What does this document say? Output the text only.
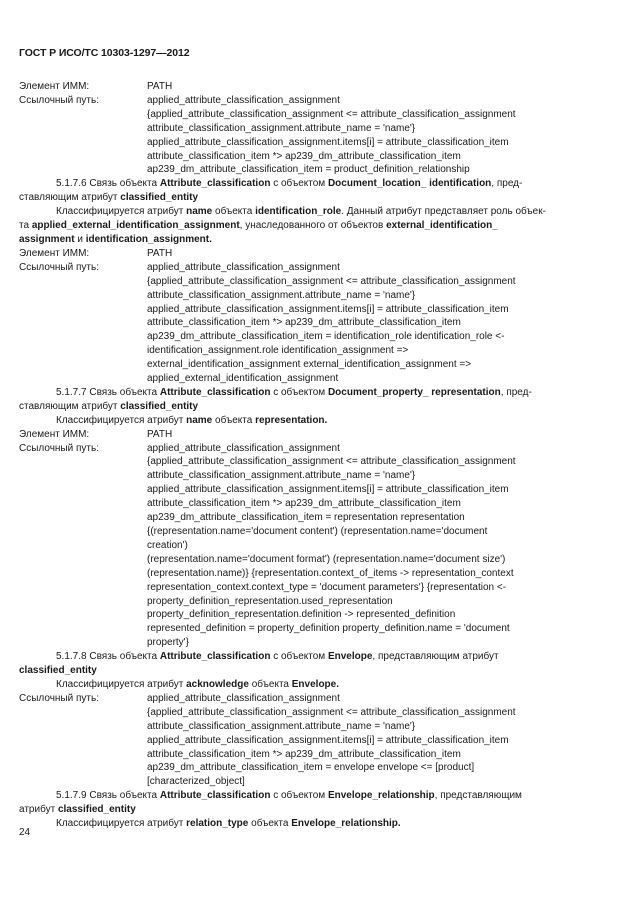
ГОСТ Р ИСО/ТС 10303-1297—2012
Элемент ИММ:	PATH
Ссылочный путь:	applied_attribute_classification_assignment
{applied_attribute_classification_assignment <= attribute_classification_assignment
attribute_classification_assignment.attribute_name = 'name'}
applied_attribute_classification_assignment.items[i] = attribute_classification_item
attribute_classification_item *> ap239_dm_attribute_classification_item
ap239_dm_attribute_classification_item = product_definition_relationship
5.1.7.6 Связь объекта Attribute_classification с объектом Document_location_ identification, пред-
ставляющим атрибут classified_entity
Классифицируется атрибут name объекта identification_role. Данный атрибут представляет роль объек-
та applied_external_identification_assignment, унаследованного от объектов external_identification_
assignment и identification_assignment.
Элемент ИММ:	PATH
Ссылочный путь:	applied_attribute_classification_assignment
{applied_attribute_classification_assignment <= attribute_classification_assignment
attribute_classification_assignment.attribute_name = 'name'}
applied_attribute_classification_assignment.items[i] = attribute_classification_item
attribute_classification_item *> ap239_dm_attribute_classification_item
ap239_dm_attribute_classification_item = identification_role identification_role <-
identification_assignment.role identification_assignment =>
external_identification_assignment external_identification_assignment =>
applied_external_identification_assignment
5.1.7.7 Связь объекта Attribute_classification с объектом Document_property_ representation, пред-
ставляющим атрибут classified_entity
Классифицируется атрибут name объекта representation.
Элемент ИММ:	PATH
Ссылочный путь:	applied_attribute_classification_assignment
{applied_attribute_classification_assignment <= attribute_classification_assignment
attribute_classification_assignment.attribute_name = 'name'}
applied_attribute_classification_assignment.items[i] = attribute_classification_item
attribute_classification_item *> ap239_dm_attribute_classification_item
ap239_dm_attribute_classification_item = representation representation
{(representation.name='document content') (representation.name='document
creation')
(representation.name='document format') (representation.name='document size')
(representation.name)} {representation.context_of_items -> representation_context
representation_context.context_type = 'document parameters'} {representation <-
property_definition_representation.used_representation
property_definition_representation.definition -> represented_definition
represented_definition = property_definition property_definition.name = 'document
property'}
5.1.7.8 Связь объекта Attribute_classification с объектом Envelope, представляющим атрибут
classified_entity
Классифицируется атрибут acknowledge объекта Envelope.
Ссылочный путь:	applied_attribute_classification_assignment
{applied_attribute_classification_assignment <= attribute_classification_assignment
attribute_classification_assignment.attribute_name = 'name'}
applied_attribute_classification_assignment.items[i] = attribute_classification_item
attribute_classification_item *> ap239_dm_attribute_classification_item
ap239_dm_attribute_classification_item = envelope envelope <= [product]
[characterized_object]
5.1.7.9 Связь объекта Attribute_classification с объектом Envelope_relationship, представляющим
атрибут classified_entity
Классифицируется атрибут relation_type объекта Envelope_relationship.
24
